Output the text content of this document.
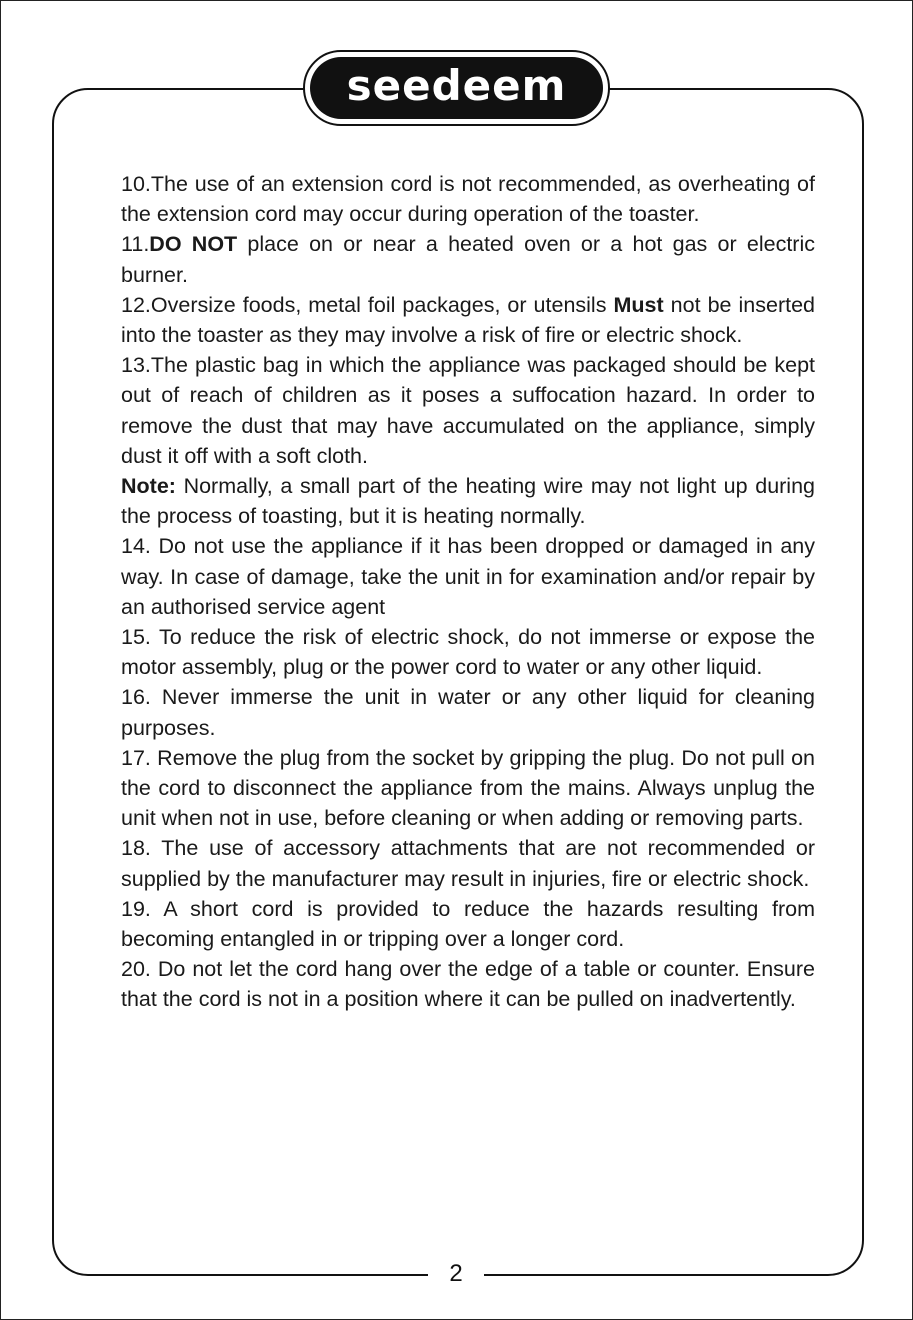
seedeem

10.The use of an extension cord is not recommended, as overheating of the extension cord may occur during operation of the toaster.

11.DO NOT place on or near a heated oven or a hot gas or electric burner.

12.Oversize foods, metal foil packages, or utensils Must not be inserted into the toaster as they may involve a risk of fire or electric shock.

13.The plastic bag in which the appliance was packaged should be kept out of reach of children as it poses a suffocation hazard. In order to remove the dust that may have accumulated on the appliance, simply dust it off with a soft cloth.

Note: Normally, a small part of the heating wire may not light up during the process of toasting, but it is heating normally.

14. Do not use the appliance if it has been dropped or damaged in any way. In case of damage, take the unit in for examination and/or repair by an authorised service agent

15. To reduce the risk of electric shock, do not immerse or expose the motor assembly, plug or the power cord to water or any other liquid.

16. Never immerse the unit in water or any other liquid for cleaning purposes.

17. Remove the plug from the socket by gripping the plug. Do not pull on the cord to disconnect the appliance from the mains. Always unplug the unit when not in use, before cleaning or when adding or removing parts.

18. The use of accessory attachments that are not recommended or supplied by the manufacturer may result in injuries, fire or electric shock.

19. A short cord is provided to reduce the hazards resulting from becoming entangled in or tripping over a longer cord.

20. Do not let the cord hang over the edge of a table or counter. Ensure that the cord is not in a position where it can be pulled on inadvertently.

2
